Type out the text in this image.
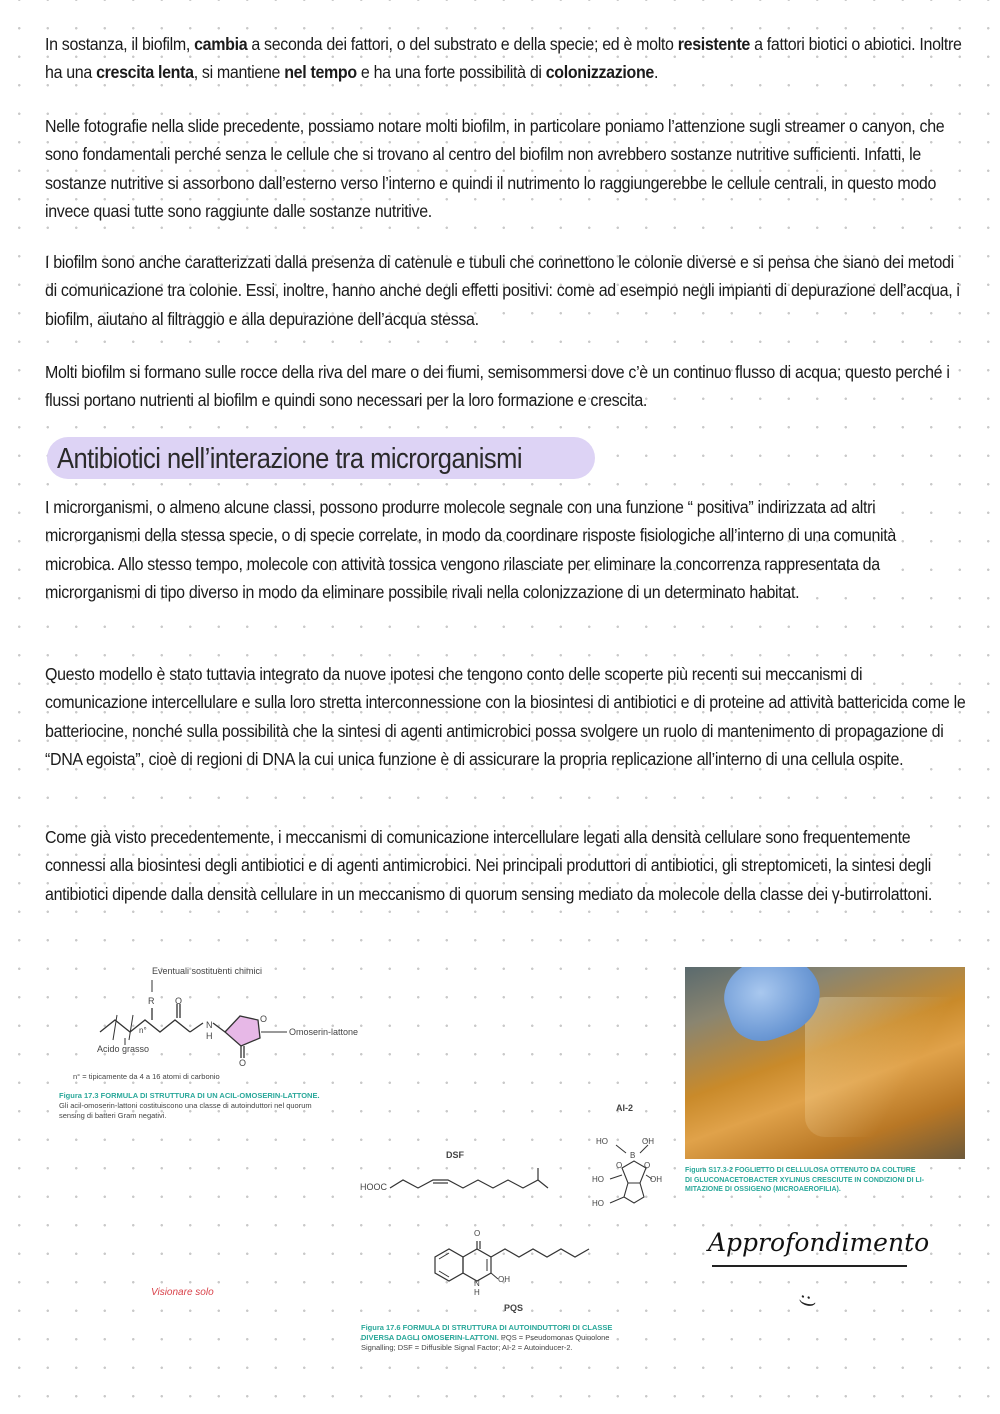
In sostanza, il biofilm, cambia a seconda dei fattori, o del substrato e della specie; ed è molto resistente a fattori biotici o abiotici. Inoltre ha una crescita lenta, si mantiene nel tempo e ha una forte possibilità di colonizzazione.

Nelle fotografie nella slide precedente, possiamo notare molti biofilm, in particolare poniamo l’attenzione sugli streamer o canyon, che sono fondamentali perché senza le cellule che si trovano al centro del biofilm non avrebbero sostanze nutritive sufficienti. Infatti, le sostanze nutritive si assorbono dall’esterno verso l’interno e quindi il nutrimento lo raggiungerebbe le cellule centrali, in questo modo invece quasi tutte sono raggiunte dalle sostanze nutritive.

I biofilm sono anche caratterizzati dalla presenza di catenule e tubuli che connettono le colonie diverse e si pensa che siano dei metodi di comunicazione tra colonie. Essi, inoltre, hanno anche degli effetti positivi: come ad esempio negli impianti di depurazione dell’acqua, i biofilm, aiutano al filtraggio e alla depurazione dell’acqua stessa.

Molti biofilm si formano sulle rocce della riva del mare o dei fiumi, semisommersi dove c’è un continuo flusso di acqua; questo perché i flussi portano nutrienti al biofilm e quindi sono necessari per la loro formazione e crescita.

Antibiotici nell’interazione tra microrganismi

I microrganismi, o almeno alcune classi, possono produrre molecole segnale con una funzione “ positiva” indirizzata ad altri microrganismi della stessa specie, o di specie correlate, in modo da coordinare risposte fisiologiche all’interno di una comunità microbica. Allo stesso tempo, molecole con attività tossica vengono rilasciate per eliminare la concorrenza rappresentata da microrganismi di tipo diverso in modo da eliminare possibile rivali nella colonizzazione di un determinato habitat.

Questo modello è stato tuttavia integrato da nuove ipotesi che tengono conto delle scoperte più recenti sui meccanismi di comunicazione intercellulare e sulla loro stretta interconnessione con la biosintesi di antibiotici e di proteine ad attività battericida come le batteriocine, nonché sulla possibilità che la sintesi di agenti antimicrobici possa svolgere un ruolo di mantenimento di propagazione di “DNA egoista”, cioè di regioni di DNA la cui unica funzione è di assicurare la propria replicazione all’interno di una cellula ospite.

Come già visto precedentemente, i meccanismi di comunicazione intercellulare legati alla densità cellulare sono frequentemente connessi alla biosintesi degli antibiotici e di agenti antimicrobici. Nei principali produttori di antibiotici, gli streptomiceti, la sintesi degli antibiotici dipende dalla densità cellulare in un meccanismo di quorum sensing mediato da molecole della classe dei γ-butirrolattoni.

Eventuali sostituenti chimici
R O
O
O
n°
N
H	Omoserin-lattone
Acido grasso
n° = tipicamente da 4 a 16 atomi di carbonio
Figura 17.3 FORMULA DI STRUTTURA DI UN ACIL-OMOSERIN-LATTONE.
Gli acil-omoserin-lattoni costituiscono una classe di autoinduttori nel quorum
sensing di batteri Gram negativi.
DSF
HOOC
AI-2
HO	OH
B
O	O
HO	OH
HO
O
OH
N
H
PQS
Figura 17.6 FORMULA DI STRUTTURA DI AUTOINDUTTORI DI CLASSE
DIVERSA DAGLI OMOSERIN-LATTONI. PQS = Pseudomonas Quinolone
Signalling; DSF = Diffusible Signal Factor; AI-2 = Autoinducer-2.
Visionare solo
Figura S17.3-2 FOGLIETTO DI CELLULOSA OTTENUTO DA COLTURE
DI GLUCONACETOBACTER XYLINUS CRESCIUTE IN CONDIZIONI DI LI-
MITAZIONE DI OSSIGENO (MICROAEROFILIA).
Approfondimento
:)
